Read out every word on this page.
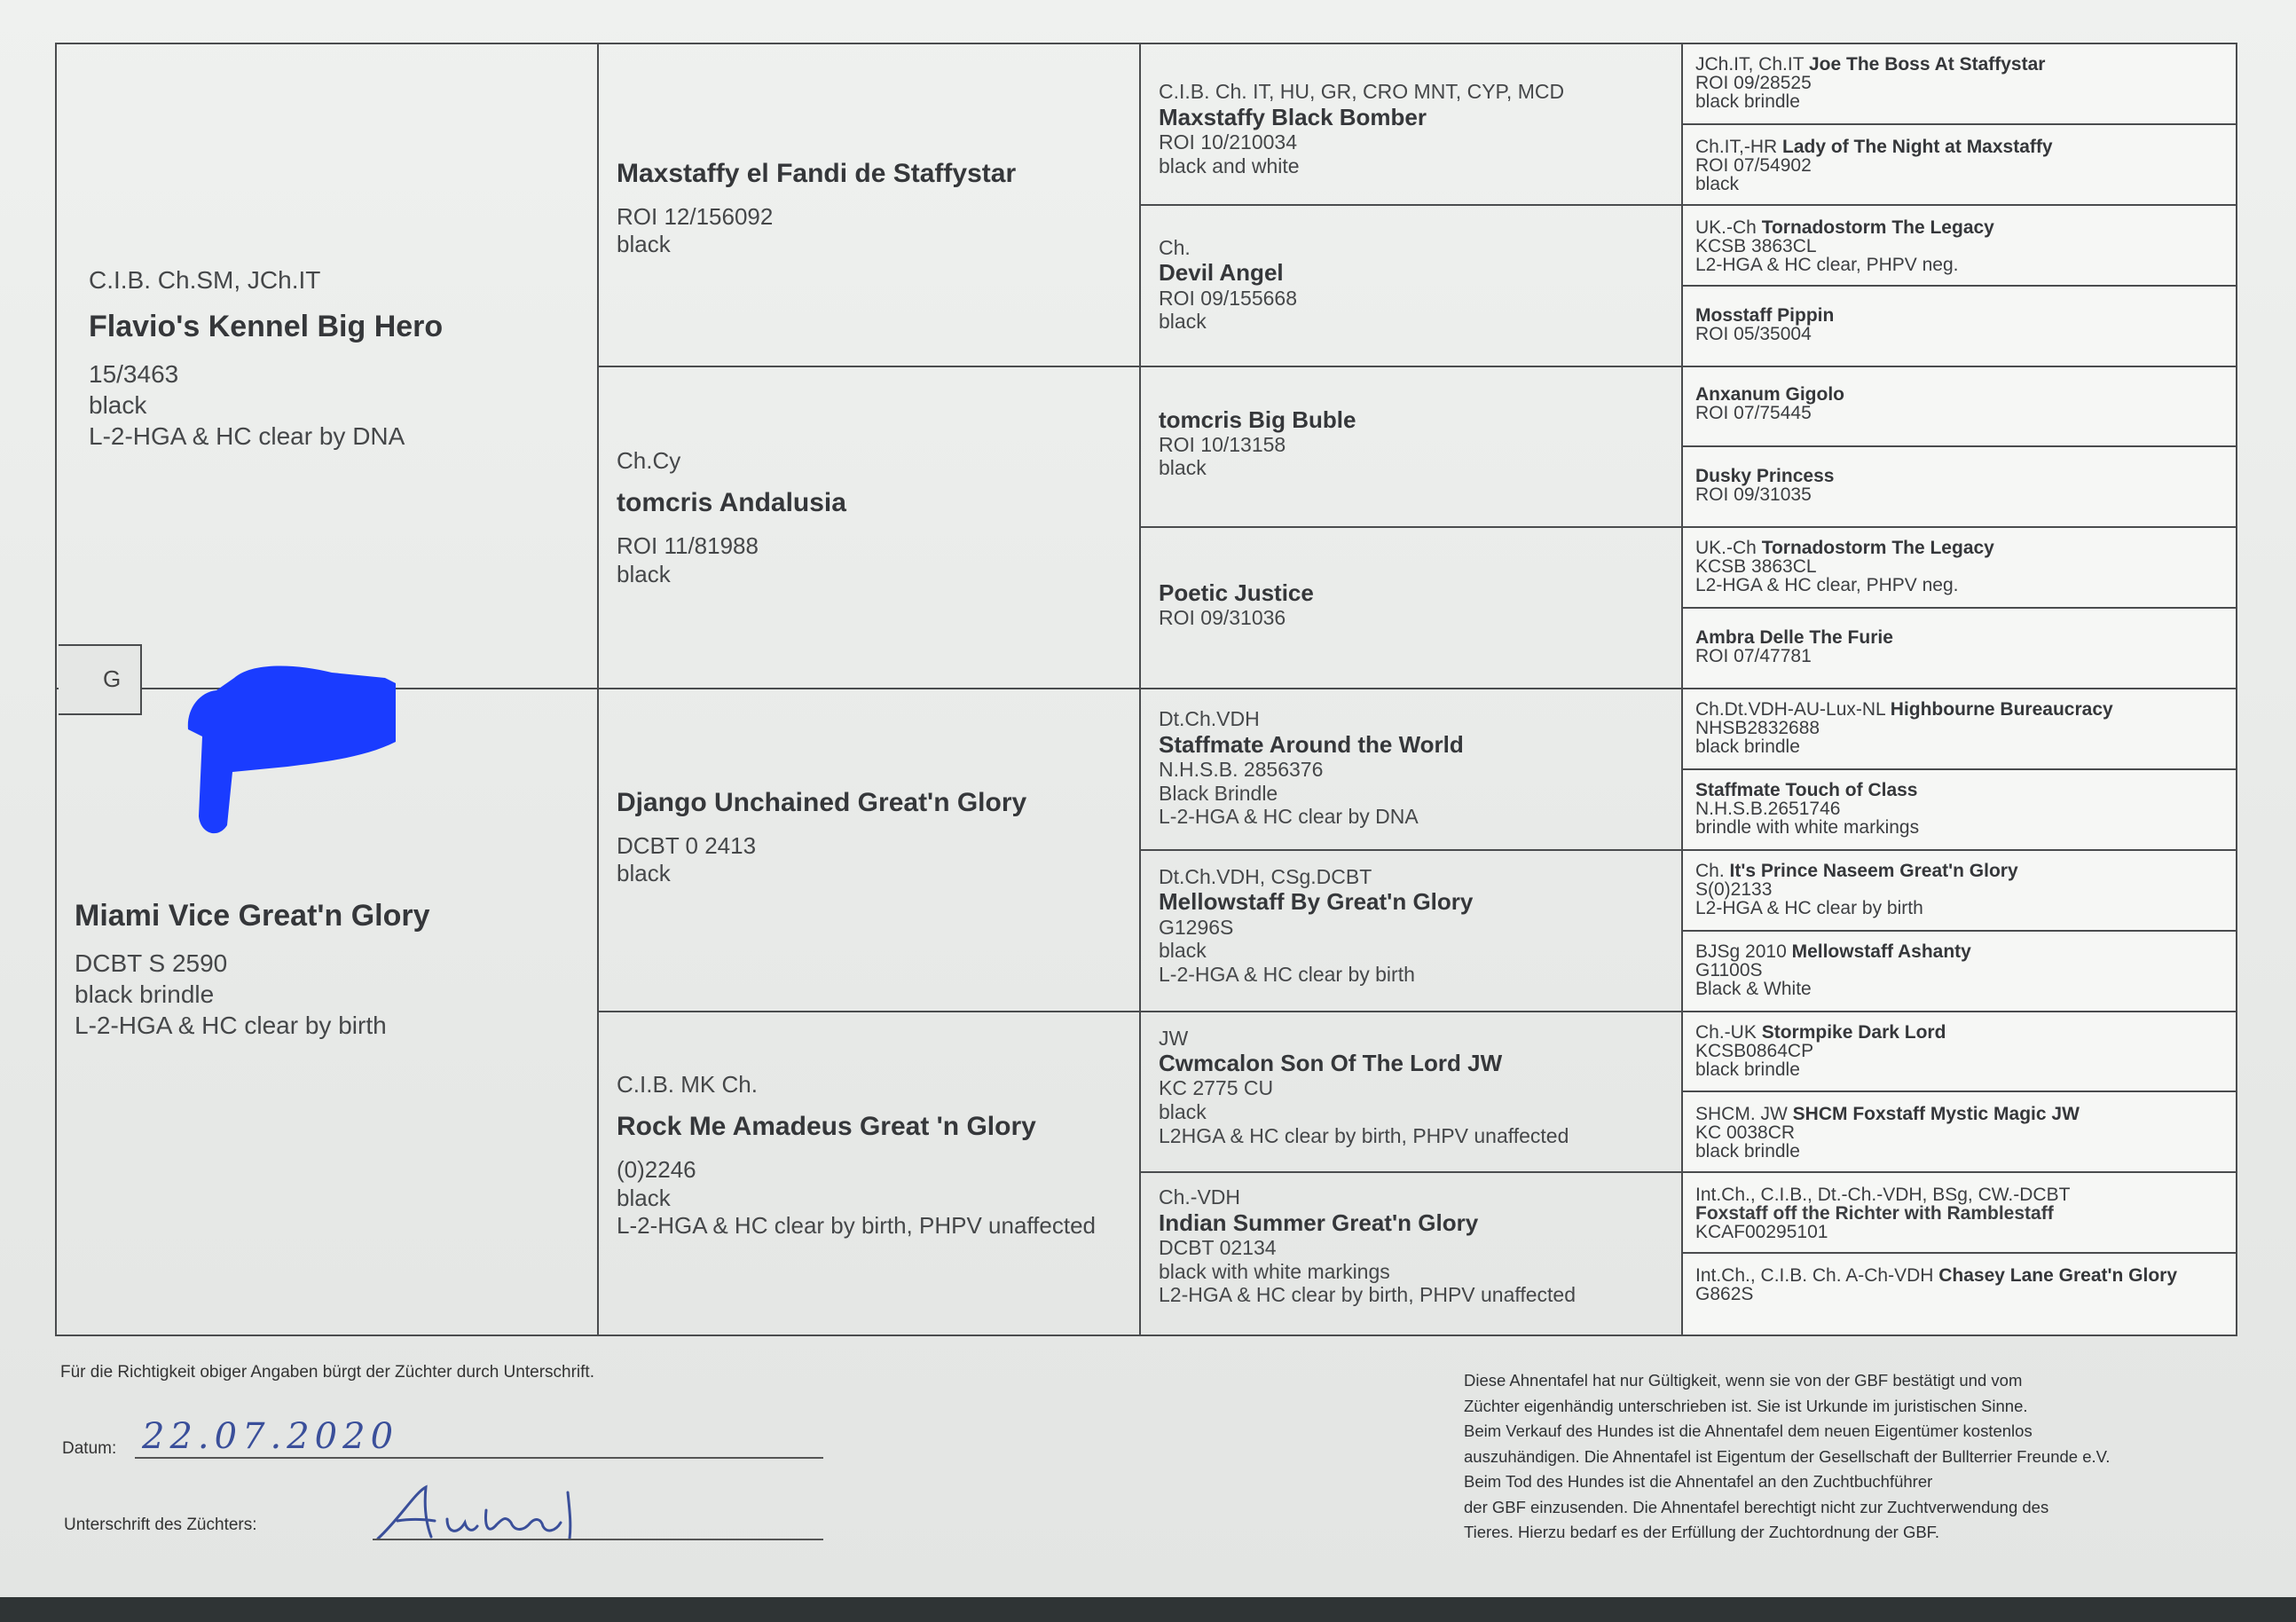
C.I.B. Ch.SM, JCh.IT
Flavio's Kennel Big Hero
15/3463
black
L-2-HGA & HC clear by DNA
G
Miami Vice Great'n Glory
DCBT S 2590
black brindle
L-2-HGA & HC clear by birth
Maxstaffy el Fandi de Staffystar
ROI 12/156092
black
Ch.Cy
tomcris Andalusia
ROI 11/81988
black
Django Unchained Great'n Glory
DCBT 0 2413
black
C.I.B. MK Ch.
Rock Me Amadeus Great 'n Glory
(0)2246
black
L-2-HGA & HC clear by birth, PHPV unaffected
C.I.B. Ch. IT, HU, GR, CRO MNT, CYP, MCD
Maxstaffy Black Bomber
ROI 10/210034
black and white
Ch.
Devil Angel
ROI 09/155668
black
tomcris Big Buble
ROI 10/13158
black
Poetic Justice
ROI 09/31036
Dt.Ch.VDH
Staffmate Around the World
N.H.S.B. 2856376
Black Brindle
L-2-HGA & HC clear by DNA
Dt.Ch.VDH, CSg.DCBT
Mellowstaff By Great'n Glory
G1296S
black
L-2-HGA & HC clear by birth
JW
Cwmcalon Son Of The Lord JW
KC 2775 CU
black
L2HGA & HC clear by birth, PHPV unaffected
Ch.-VDH
Indian Summer Great'n Glory
DCBT 02134
black with white markings
L2-HGA & HC clear by birth, PHPV unaffected
JCh.IT, Ch.IT Joe The Boss At Staffystar
ROI 09/28525
black brindle
Ch.IT,-HR Lady of The Night at Maxstaffy
ROI 07/54902
black
UK.-Ch Tornadostorm The Legacy
KCSB 3863CL
L2-HGA & HC clear, PHPV neg.
Mosstaff Pippin
ROI 05/35004
Anxanum Gigolo
ROI 07/75445
Dusky Princess
ROI 09/31035
UK.-Ch Tornadostorm The Legacy
KCSB 3863CL
L2-HGA & HC clear, PHPV neg.
Ambra Delle The Furie
ROI 07/47781
Ch.Dt.VDH-AU-Lux-NL Highbourne Bureaucracy
NHSB2832688
black brindle
Staffmate Touch of Class
N.H.S.B.2651746
brindle with white markings
Ch. It's Prince Naseem Great'n Glory
S(0)2133
L2-HGA & HC clear by birth
BJSg 2010 Mellowstaff Ashanty
G1100S
Black & White
Ch.-UK Stormpike Dark Lord
KCSB0864CP
black brindle
SHCM. JW SHCM Foxstaff Mystic Magic JW
KC 0038CR
black brindle
Int.Ch., C.I.B., Dt.-Ch.-VDH, BSg, CW.-DCBT
Foxstaff off the Richter with Ramblestaff
KCAF00295101
Int.Ch., C.I.B. Ch. A-Ch-VDH Chasey Lane Great'n Glory
G862S
Für die Richtigkeit obiger Angaben bürgt der Züchter durch Unterschrift.
Datum: 22.07.2020
Unterschrift des Züchters:
Diese Ahnentafel hat nur Gültigkeit, wenn sie von der GBF bestätigt und vom
Züchter eigenhändig unterschrieben ist. Sie ist Urkunde im juristischen Sinne.
Beim Verkauf des Hundes ist die Ahnentafel dem neuen Eigentümer kostenlos
auszuhändigen. Die Ahnentafel ist Eigentum der Gesellschaft der Bullterrier Freunde e.V.
Beim Tod des Hundes ist die Ahnentafel an den Zuchtbuchführer
der GBF einzusenden. Die Ahnentafel berechtigt nicht zur Zuchtverwendung des
Tieres. Hierzu bedarf es der Erfüllung der Zuchtordnung der GBF.
